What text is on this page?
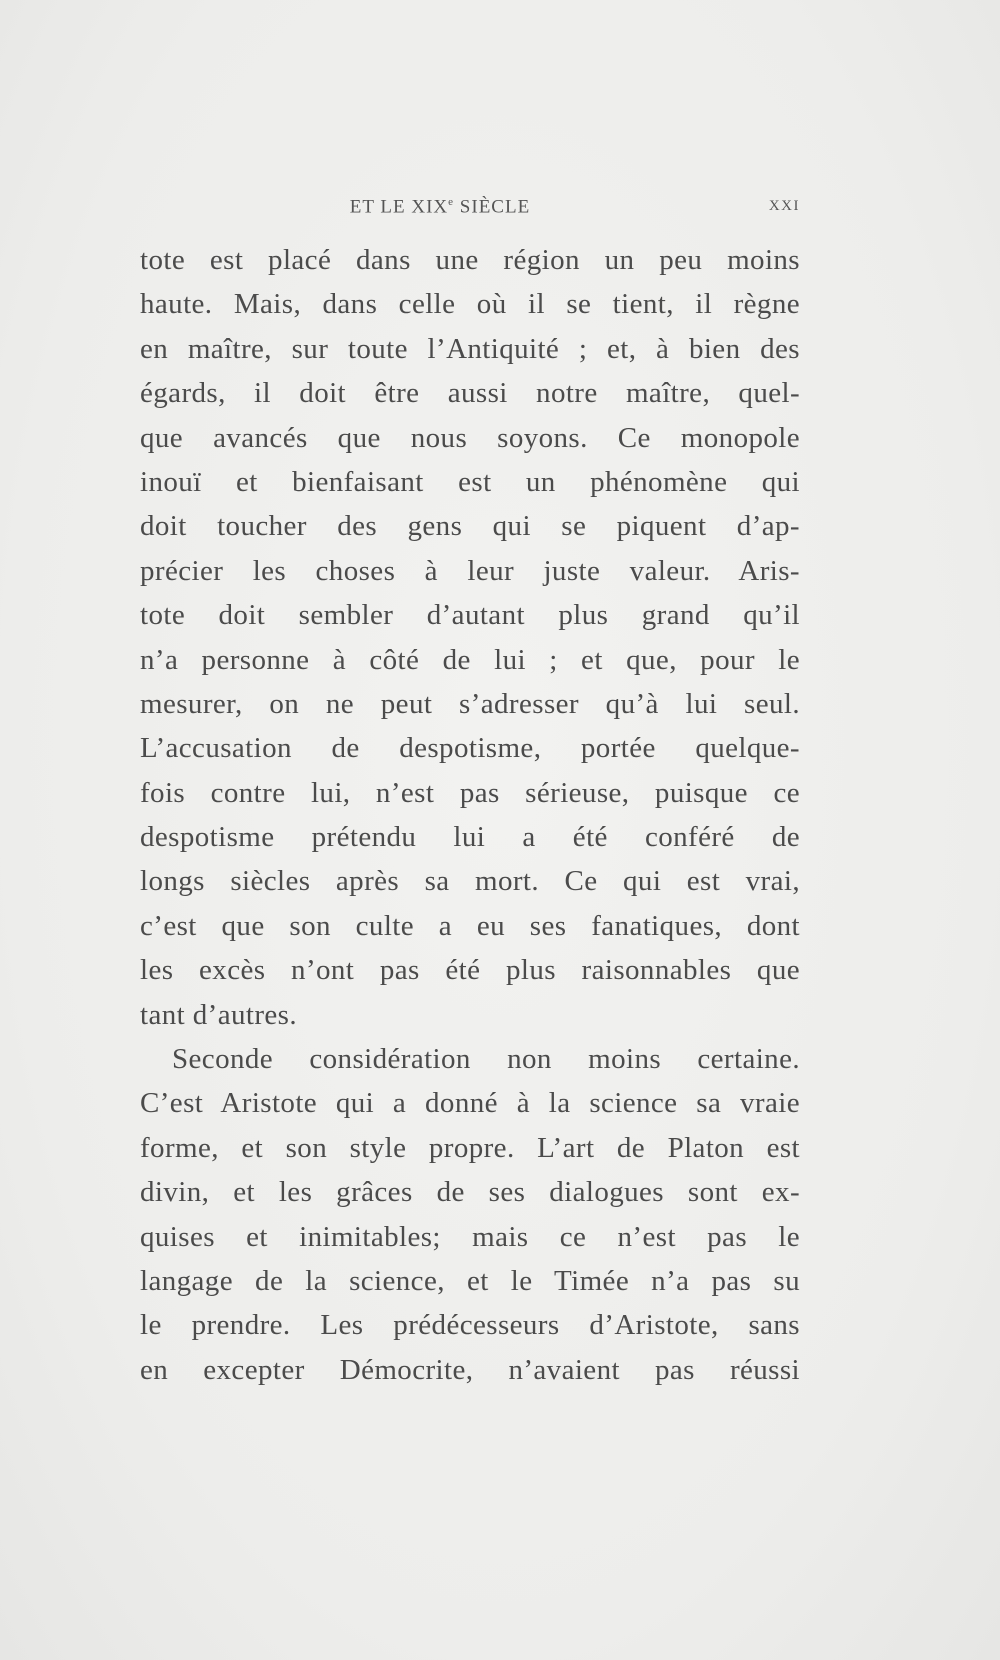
ET LE XIXe SIÈCLE	XXI
tote est placé dans une région un peu moins
haute. Mais, dans celle où il se tient, il règne
en maître, sur toute l’Antiquité ; et, à bien des
égards, il doit être aussi notre maître, quel-
que avancés que nous soyons. Ce monopole
inouï et bienfaisant est un phénomène qui
doit toucher des gens qui se piquent d’ap-
précier les choses à leur juste valeur. Aris-
tote doit sembler d’autant plus grand qu’il
n’a personne à côté de lui ; et que, pour le
mesurer, on ne peut s’adresser qu’à lui seul.
L’accusation de despotisme, portée quelque-
fois contre lui, n’est pas sérieuse, puisque ce
despotisme prétendu lui a été conféré de
longs siècles après sa mort. Ce qui est vrai,
c’est que son culte a eu ses fanatiques, dont
les excès n’ont pas été plus raisonnables que
tant d’autres.
Seconde considération non moins certaine.
C’est Aristote qui a donné à la science sa vraie
forme, et son style propre. L’art de Platon est
divin, et les grâces de ses dialogues sont ex-
quises et inimitables; mais ce n’est pas le
langage de la science, et le Timée n’a pas su
le prendre. Les prédécesseurs d’Aristote, sans
en excepter Démocrite, n’avaient pas réussi
